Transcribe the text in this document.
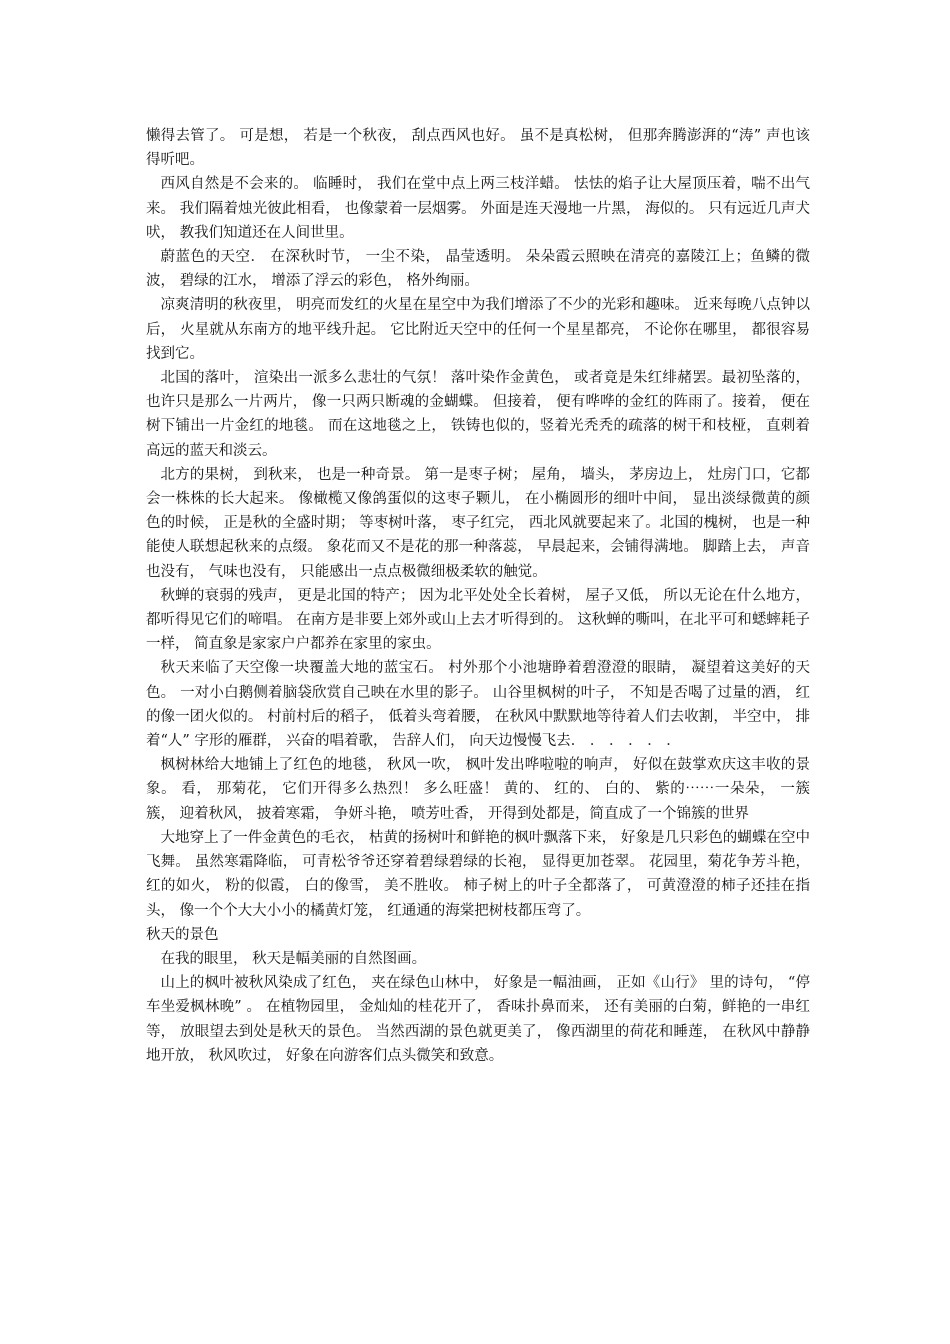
懒得去管了。 可是想， 若是一个秋夜， 刮点西风也好。 虽不是真松树， 但那奔腾澎湃的“涛” 声也该得听吧。

西风自然是不会来的。 临睡时， 我们在堂中点上两三枝洋蜡。 怯怯的焰子让大屋顶压着，喘不出气来。 我们隔着烛光彼此相看， 也像蒙着一层烟雾。 外面是连天漫地一片黑， 海似的。 只有远近几声犬吠， 教我们知道还在人间世里。

蔚蓝色的天空． 在深秋时节， 一尘不染， 晶莹透明。 朵朵霞云照映在清亮的嘉陵江上；鱼鳞的微波， 碧绿的江水， 增添了浮云的彩色， 格外绚丽。

凉爽清明的秋夜里， 明亮而发红的火星在星空中为我们增添了不少的光彩和趣味。 近来每晚八点钟以后， 火星就从东南方的地平线升起。 它比附近天空中的任何一个星星都亮， 不论你在哪里， 都很容易找到它。

北国的落叶， 渲染出一派多么悲壮的气氛！ 落叶染作金黄色， 或者竟是朱红绯赭罢。最初坠落的， 也许只是那么一片两片， 像一只两只断魂的金蝴蝶。 但接着， 便有哗哗的金红的阵雨了。接着， 便在树下铺出一片金红的地毯。 而在这地毯之上， 铁铸也似的，竖着光秃秃的疏落的树干和枝桠， 直刺着高远的蓝天和淡云。

北方的果树， 到秋来， 也是一种奇景。 第一是枣子树； 屋角， 墙头， 茅房边上， 灶房门口，它都会一株株的长大起来。 像橄榄又像鸽蛋似的这枣子颗儿， 在小椭圆形的细叶中间， 显出淡绿微黄的颜色的时候， 正是秋的全盛时期； 等枣树叶落， 枣子红完， 西北风就要起来了。北国的槐树， 也是一种能使人联想起秋来的点缀。 象花而又不是花的那一种落蕊， 早晨起来，会铺得满地。 脚踏上去， 声音也没有， 气味也没有， 只能感出一点点极微细极柔软的触觉。

秋蝉的衰弱的残声， 更是北国的特产； 因为北平处处全长着树， 屋子又低， 所以无论在什么地方， 都听得见它们的啼唱。 在南方是非要上郊外或山上去才听得到的。 这秋蝉的嘶叫，在北平可和蟋蟀耗子一样， 简直象是家家户户都养在家里的家虫。

秋天来临了天空像一块覆盖大地的蓝宝石。 村外那个小池塘睁着碧澄澄的眼睛， 凝望着这美好的天色。 一对小白鹅侧着脑袋欣赏自己映在水里的影子。 山谷里枫树的叶子， 不知是否喝了过量的酒， 红的像一团火似的。 村前村后的稻子， 低着头弯着腰， 在秋风中默默地等待着人们去收割， 半空中， 排着“人” 字形的雁群， 兴奋的唱着歌， 告辞人们， 向天边慢慢飞去． ． ． ． ． ．

枫树林给大地铺上了红色的地毯， 秋风一吹， 枫叶发出哗啦啦的响声， 好似在鼓掌欢庆这丰收的景象。 看， 那菊花， 它们开得多么热烈！ 多么旺盛！ 黄的、 红的、 白的、 紫的⋯⋯一朵朵， 一簇簇， 迎着秋风， 披着寒霜， 争妍斗艳， 喷芳吐香， 开得到处都是，简直成了一个锦簇的世界

大地穿上了一件金黄色的毛衣， 枯黄的扬树叶和鲜艳的枫叶飘落下来， 好象是几只彩色的蝴蝶在空中飞舞。 虽然寒霜降临， 可青松爷爷还穿着碧绿碧绿的长袍， 显得更加苍翠。 花园里，菊花争芳斗艳， 红的如火， 粉的似霞， 白的像雪， 美不胜收。 柿子树上的叶子全都落了， 可黄澄澄的柿子还挂在指头， 像一个个大大小小的橘黄灯笼， 红通通的海棠把树枝都压弯了。

秋天的景色

在我的眼里， 秋天是幅美丽的自然图画。

山上的枫叶被秋风染成了红色， 夹在绿色山林中， 好象是一幅油画， 正如《山行》 里的诗句， “停车坐爱枫林晚” 。 在植物园里， 金灿灿的桂花开了， 香味扑鼻而来， 还有美丽的白菊，鲜艳的一串红等， 放眼望去到处是秋天的景色。 当然西湖的景色就更美了， 像西湖里的荷花和睡莲， 在秋风中静静地开放， 秋风吹过， 好象在向游客们点头微笑和致意。
